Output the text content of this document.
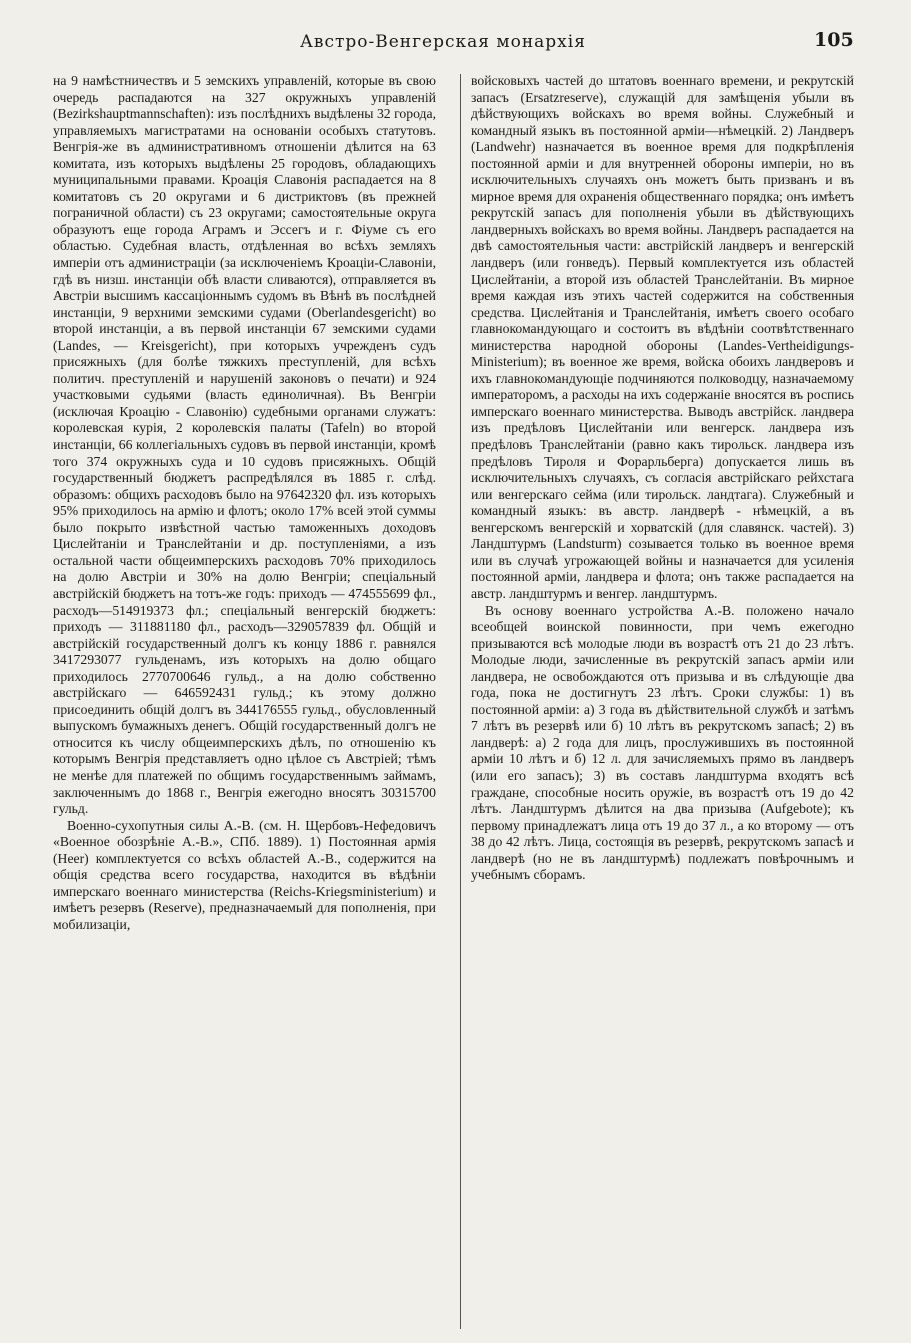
Австро-Венгерская монархія	105

на 9 намѣстничествъ и 5 земскихъ управленій, которые въ свою очередь распадаются на 327 окружныхъ управленій (Bezirkshauptmannschaften): изъ послѣднихъ выдѣлены 32 города, управляемыхъ магистратами на основаніи особыхъ статутовъ. Венгрія-же въ административномъ отношеніи дѣлится на 63 комитата, изъ которыхъ выдѣлены 25 городовъ, обладающихъ муниципальными правами. Кроація Славонія распадается на 8 комитатовъ съ 20 округами и 6 дистриктовъ (въ прежней пограничной области) съ 23 округами; самостоятельные округа образуютъ еще города Аграмъ и Эссегъ и г. Фіуме съ его областью. Судебная власть, отдѣленная во всѣхъ земляхъ имперіи отъ администраціи (за исключеніемъ Кроаціи-Славоніи, гдѣ въ низш. инстанціи обѣ власти сливаются), отправляется въ Австріи высшимъ кассаціоннымъ судомъ въ Вѣнѣ въ послѣдней инстанціи, 9 верхними земскими судами (Oberlandesgericht) во второй инстанціи, а въ первой инстанціи 67 земскими судами (Landes, — Kreisgericht), при которыхъ учрежденъ судъ присяжныхъ (для болѣе тяжкихъ преступленій, для всѣхъ политич. преступленій и нарушеній законовъ о печати) и 924 участковыми судьями (власть единоличная). Въ Венгріи (исключая Кроацію - Славонію) судебными органами служатъ: королевская курія, 2 королевскія палаты (Tafeln) во второй инстанціи, 66 коллегіальныхъ судовъ въ первой инстанціи, кромѣ того 374 окружныхъ суда и 10 судовъ присяжныхъ. Общій государственный бюджетъ распредѣлялся въ 1885 г. слѣд. образомъ: общихъ расходовъ было на 97642320 фл. изъ которыхъ 95% приходилось на армію и флотъ; около 17% всей этой суммы было покрыто извѣстной частью таможенныхъ доходовъ Цислейтаніи и Транслейтаніи и др. поступленіями, а изъ остальной части общеимперскихъ расходовъ 70% приходилось на долю Австріи и 30% на долю Венгріи; спеціальный австрійскій бюджетъ на тотъ-же годъ: приходъ — 474555699 фл., расходъ—514919373 фл.; спеціальный венгерскій бюджетъ: приходъ — 311881180 фл., расходъ—329057839 фл. Общій и австрійскій государственный долгъ къ концу 1886 г. равнялся 3417293077 гульденамъ, изъ которыхъ на долю общаго приходилось 2770700646 гульд., а на долю собственно австрійскаго — 646592431 гульд.; къ этому должно присоединить общій долгъ въ 344176555 гульд., обусловленный выпускомъ бумажныхъ денегъ. Общій государственный долгъ не относится къ числу общеимперскихъ дѣлъ, по отношенію къ которымъ Венгрія представляетъ одно цѣлое съ Австріей; тѣмъ не менѣе для платежей по общимъ государственнымъ займамъ, заключеннымъ до 1868 г., Венгрія ежегодно вносятъ 30315700 гульд.

Военно-сухопутныя силы А.-В. (см. Н. Щербовъ-Нефедовичъ «Военное обозрѣніе А.-В.», СПб. 1889). 1) Постоянная армія (Heer) комплектуется со всѣхъ областей А.-В., содержится на общія средства всего государства, находится въ вѣдѣніи имперскаго военнаго министерства (Reichs-Kriegsministerium) и имѣетъ резервъ (Reserve), предназначаемый для пополненія, при мобилизаціи,

войсковыхъ частей до штатовъ военнаго времени, и рекрутскій запасъ (Ersatzreserve), служащій для замѣщенія убыли въ дѣйствующихъ войскахъ во время войны. Служебный и командный языкъ въ постоянной арміи—нѣмецкій. 2) Ландверъ (Landwehr) назначается въ военное время для подкрѣпленія постоянной арміи и для внутренней обороны имперіи, но въ исключительныхъ случаяхъ онъ можетъ быть призванъ и въ мирное время для охраненія общественнаго порядка; онъ имѣетъ рекрутскій запасъ для пополненія убыли въ дѣйствующихъ ландверныхъ войскахъ во время войны. Ландверъ распадается на двѣ самостоятельныя части: австрійскій ландверъ и венгерскій ландверъ (или гонведъ). Первый комплектуется изъ областей Цислейтаніи, а второй изъ областей Транслейтаніи. Въ мирное время каждая изъ этихъ частей содержится на собственныя средства. Цислейтанія и Транслейтанія, имѣетъ своего особаго главнокомандующаго и состоитъ въ вѣдѣніи соотвѣтственнаго министерства народной обороны (Landes-Vertheidigungs-Ministerium); въ военное же время, войска обоихъ ландверовъ и ихъ главнокомандующіе подчиняются полководцу, назначаемому императоромъ, а расходы на ихъ содержаніе вносятся въ роспись имперскаго военнаго министерства. Выводъ австрійск. ландвера изъ предѣловъ Цислейтаніи или венгерск. ландвера изъ предѣловъ Транслейтаніи (равно какъ тирольск. ландвера изъ предѣловъ Тироля и Форарльберга) допускается лишь въ исключительныхъ случаяхъ, съ согласія австрійскаго рейхстага или венгерскаго сейма (или тирольск. ландтага). Служебный и командный языкъ: въ австр. ландверѣ - нѣмецкій, а въ венгерскомъ венгерскій и хорватскій (для славянск. частей). 3) Ландштурмъ (Landsturm) созывается только въ военное время или въ случаѣ угрожающей войны и назначается для усиленія постоянной арміи, ландвера и флота; онъ также распадается на австр. ландштурмъ и венгер. ландштурмъ.

Въ основу военнаго устройства А.-В. положено начало всеобщей воинской повинности, при чемъ ежегодно призываются всѣ молодые люди въ возрастѣ отъ 21 до 23 лѣтъ. Молодые люди, зачисленные въ рекрутскій запасъ арміи или ландвера, не освобождаются отъ призыва и въ слѣдующіе два года, пока не достигнутъ 23 лѣтъ. Сроки службы: 1) въ постоянной арміи: а) 3 года въ дѣйствительной службѣ и затѣмъ 7 лѣтъ въ резервѣ или б) 10 лѣтъ въ рекрутскомъ запасѣ; 2) въ ландверѣ: а) 2 года для лицъ, прослужившихъ въ постоянной арміи 10 лѣтъ и б) 12 л. для зачисляемыхъ прямо въ ландверъ (или его запасъ); 3) въ составъ ландштурма входятъ всѣ граждане, способные носить оружіе, въ возрастѣ отъ 19 до 42 лѣтъ. Ландштурмъ дѣлится на два призыва (Aufgebote); къ первому принадлежатъ лица отъ 19 до 37 л., а ко второму — отъ 38 до 42 лѣтъ. Лица, состоящія въ резервѣ, рекрутскомъ запасѣ и ландверѣ (но не въ ландштурмѣ) подлежатъ повѣрочнымъ и учебнымъ сборамъ.
